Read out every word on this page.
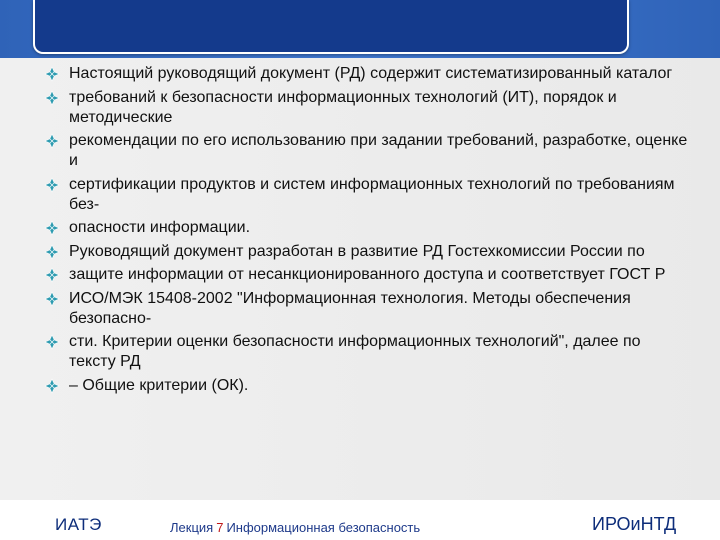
Настоящий руководящий документ (РД) содержит систематизированный каталог
требований к безопасности информационных технологий (ИТ), порядок и методические
рекомендации по его использованию при задании требований, разработке, оценке и
сертификации продуктов и систем информационных технологий по требованиям без-
опасности информации.
Руководящий документ разработан в развитие РД Гостехкомиссии России по
защите информации от несанкционированного доступа и соответствует ГОСТ Р
ИСО/МЭК 15408-2002 "Информационная технология. Методы обеспечения безопасно-
сти. Критерии оценки безопасности информационных технологий", далее по тексту РД
– Общие критерии (ОК).
ИАТЭ	Лекция 7 Информационная безопасность	ИРОиНТД
